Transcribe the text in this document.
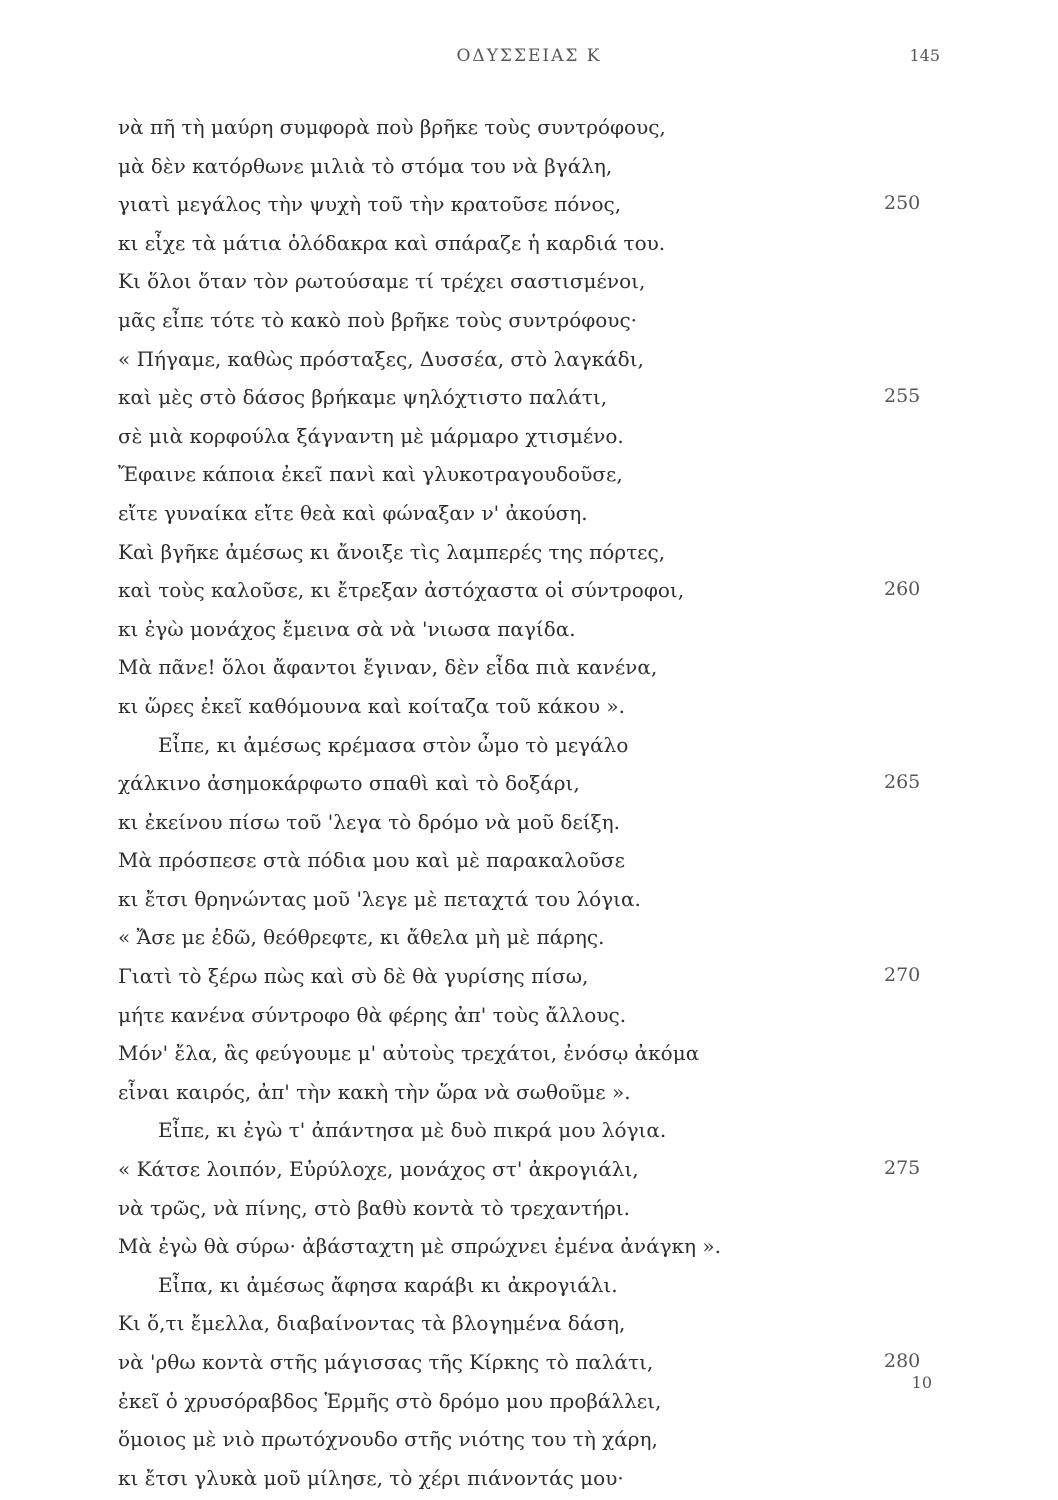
ΟΔΥΣΣΕΙΑΣ Κ	145
νὰ πῆ τὴ μαύρη συμφορὰ ποὺ βρῆκε τοὺς συντρόφους,
μὰ δὲν κατόρθωνε μιλιὰ τὸ στόμα του νὰ βγάλη,
γιατὶ μεγάλος τὴν ψυχὴ τοῦ τὴν κρατοῦσε πόνος,
κι εἶχε τὰ μάτια ὁλόδακρα καὶ σπάραζε ἡ καρδιά του.
Κι ὅλοι ὅταν τὸν ρωτούσαμε τί τρέχει σαστισμένοι,
μᾶς εἶπε τότε τὸ κακὸ ποὺ βρῆκε τοὺς συντρόφους·
« Πήγαμε, καθὼς πρόσταξες, Δυσσέα, στὸ λαγκάδι,
καὶ μὲς στὸ δάσος βρήκαμε ψηλόχτιστο παλάτι,
σὲ μιὰ κορφούλα ξάγναντη μὲ μάρμαρο χτισμένο.
Ἔφαινε κάποια ἐκεῖ πανὶ καὶ γλυκοτραγουδοῦσε,
εἴτε γυναίκα εἴτε θεὰ καὶ φώναξαν ν' ἀκούση.
Καὶ βγῆκε ἀμέσως κι ἄνοιξε τὶς λαμπερές της πόρτες,
καὶ τοὺς καλοῦσε, κι ἔτρεξαν ἀστόχαστα οἱ σύντροφοι,
κι ἐγὼ μονάχος ἔμεινα σὰ νὰ 'νιωσα παγίδα.
Μὰ πᾶνε! ὅλοι ἄφαντοι ἔγιναν, δὲν εἶδα πιὰ κανένα,
κι ὥρες ἐκεῖ καθόμουνα καὶ κοίταζα τοῦ κάκου ».
Εἶπε, κι ἀμέσως κρέμασα στὸν ὦμο τὸ μεγάλο
χάλκινο ἀσημοκάρφωτο σπαθὶ καὶ τὸ δοξάρι,
κι ἐκείνου πίσω τοῦ 'λεγα τὸ δρόμο νὰ μοῦ δείξη.
Μὰ πρόσπεσε στὰ πόδια μου καὶ μὲ παρακαλοῦσε
κι ἔτσι θρηνώντας μοῦ 'λεγε μὲ πεταχτά του λόγια.
« Ἄσε με ἐδῶ, θεόθρεφτε, κι ἄθελα μὴ μὲ πάρης.
Γιατὶ τὸ ξέρω πὼς καὶ σὺ δὲ θὰ γυρίσης πίσω,
μήτε κανένα σύντροφο θὰ φέρης ἀπ' τοὺς ἄλλους.
Μόν' ἔλα, ἂς φεύγουμε μ' αὐτοὺς τρεχάτοι, ἐνόσῳ ἀκόμα
εἶναι καιρός, ἀπ' τὴν κακὴ τὴν ὥρα νὰ σωθοῦμε ».
Εἶπε, κι ἐγὼ τ' ἀπάντησα μὲ δυὸ πικρά μου λόγια.
« Κάτσε λοιπόν, Εὐρύλοχε, μονάχος στ' ἀκρογιάλι,
νὰ τρῶς, νὰ πίνης, στὸ βαθὺ κοντὰ τὸ τρεχαντήρι.
Μὰ ἐγὼ θὰ σύρω· ἀβάσταχτη μὲ σπρώχνει ἐμένα ἀνάγκη ».
Εἶπα, κι ἀμέσως ἄφησα καράβι κι ἀκρογιάλι.
Κι ὅ,τι ἔμελλα, διαβαίνοντας τὰ βλογημένα δάση,
νὰ 'ρθω κοντὰ στῆς μάγισσας τῆς Κίρκης τὸ παλάτι,
ἐκεῖ ὁ χρυσόραβδος Ἑρμῆς στὸ δρόμο μου προβάλλει,
ὅμοιος μὲ νιὸ πρωτόχνουδο στῆς νιότης του τὴ χάρη,
κι ἔτσι γλυκὰ μοῦ μίλησε, τὸ χέρι πιάνοντάς μου·
250
255
260
265
270
275
280
10
